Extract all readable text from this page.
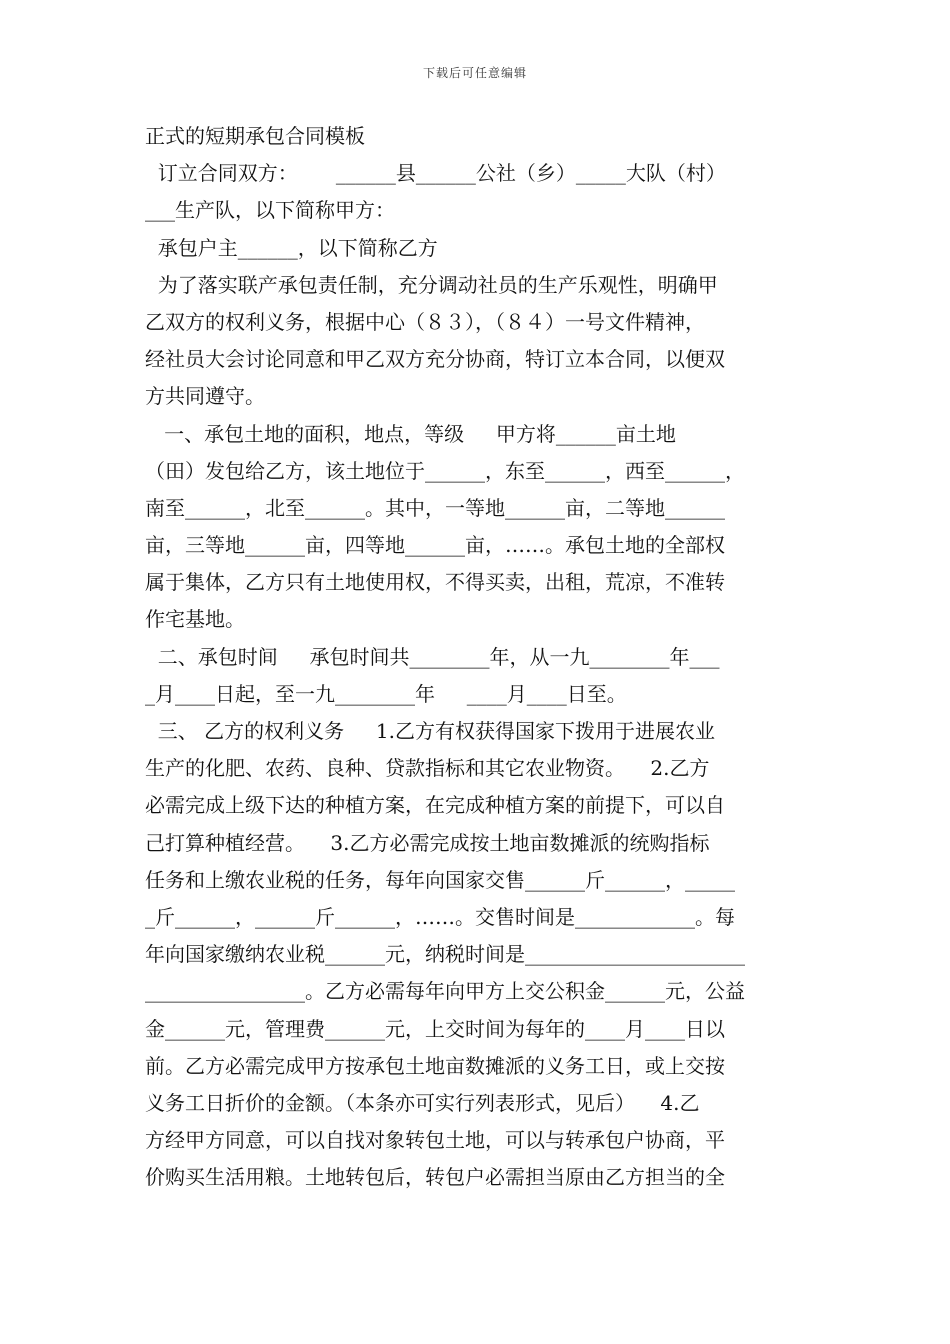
下载后可任意编辑
正式的短期承包合同模板
订立合同双方：      ______县______公社（乡）_____大队（村）
___生产队，以下简称甲方：
承包户主______，以下简称乙方
为了落实联产承包责任制，充分调动社员的生产乐观性，明确甲
乙双方的权利义务，根据中心（８３），（８４）一号文件精神，
经社员大会讨论同意和甲乙双方充分协商，特订立本合同，以便双
方共同遵守。
一、承包土地的面积，地点，等级     甲方将______亩土地
（田）发包给乙方，该土地位于______，东至______，西至______，
南至______，北至______。其中，一等地______亩，二等地______
亩，三等地______亩，四等地______亩，……。承包土地的全部权
属于集体，乙方只有土地使用权，不得买卖，出租，荒凉，不准转
作宅基地。
二、承包时间     承包时间共________年，从一九________年___
_月____日起，至一九________年     ____月____日至。
三、 乙方的权利义务     1.乙方有权获得国家下拨用于进展农业
生产的化肥、农药、良种、贷款指标和其它农业物资。    2.乙方
必需完成上级下达的种植方案，在完成种植方案的前提下，可以自
己打算种植经营。    3.乙方必需完成按土地亩数摊派的统购指标
任务和上缴农业税的任务，每年向国家交售______斤______，_____
_斤______，______斤______，……。交售时间是____________。每
年向国家缴纳农业税______元，纳税时间是______________________
________________。乙方必需每年向甲方上交公积金______元，公益
金______元，管理费______元，上交时间为每年的____月____日以
前。乙方必需完成甲方按承包土地亩数摊派的义务工日，或上交按
义务工日折价的金额。（本条亦可实行列表形式，见后）    4.乙
方经甲方同意，可以自找对象转包土地，可以与转承包户协商，平
价购买生活用粮。土地转包后，转包户必需担当原由乙方担当的全
